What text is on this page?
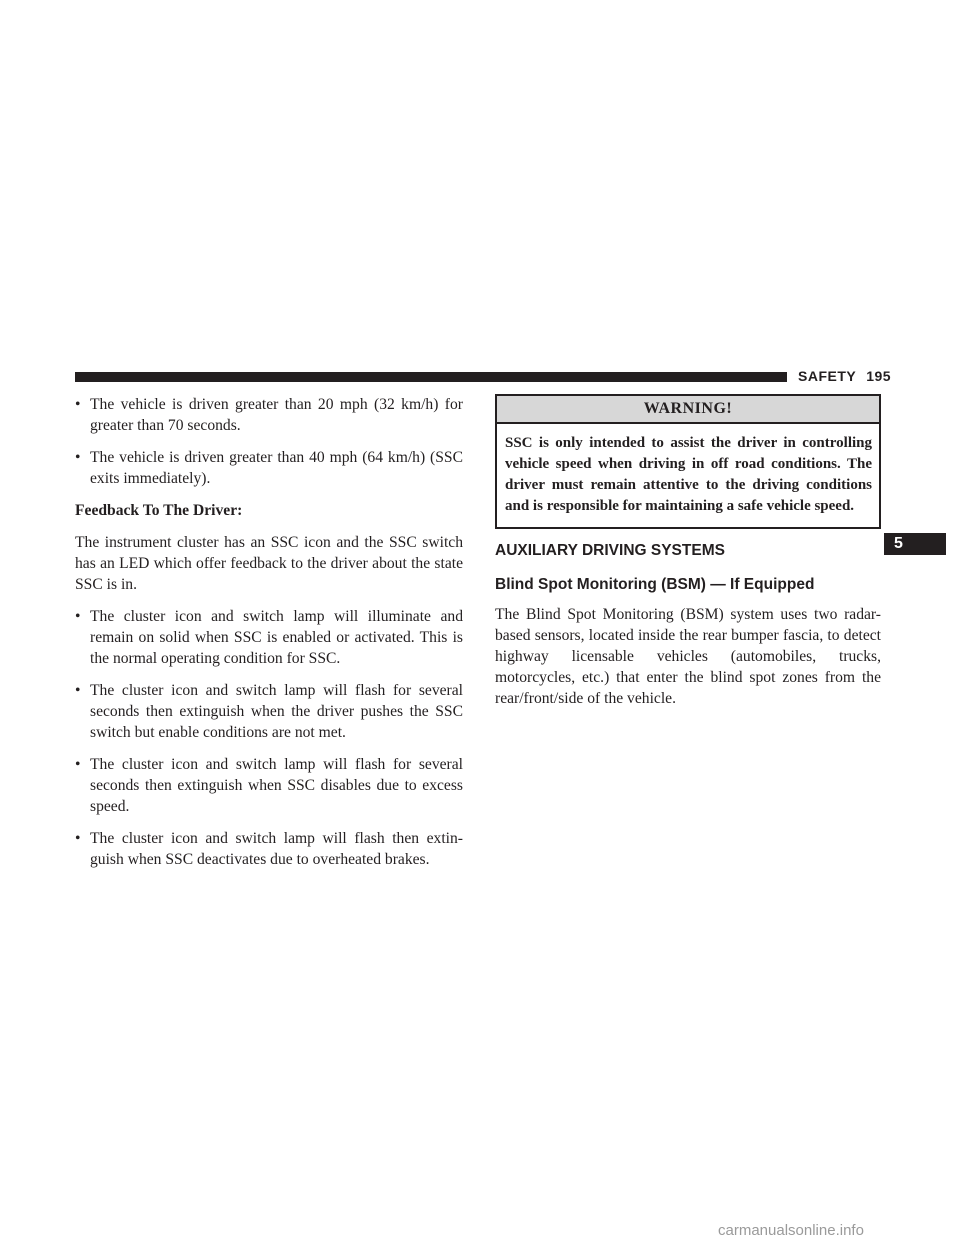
SAFETY 195
• The vehicle is driven greater than 20 mph (32 km/h) for greater than 70 seconds.
• The vehicle is driven greater than 40 mph (64 km/h) (SSC exits immediately).

Feedback To The Driver:

The instrument cluster has an SSC icon and the SSC switch has an LED which offer feedback to the driver about the state SSC is in.

• The cluster icon and switch lamp will illuminate and remain on solid when SSC is enabled or activated. This is the normal operating condition for SSC.
• The cluster icon and switch lamp will flash for several seconds then extinguish when the driver pushes the SSC switch but enable conditions are not met.
• The cluster icon and switch lamp will flash for several seconds then extinguish when SSC disables due to excess speed.
• The cluster icon and switch lamp will flash then extin- guish when SSC deactivates due to overheated brakes.
WARNING!
SSC is only intended to assist the driver in controlling vehicle speed when driving in off road conditions. The driver must remain attentive to the driving conditions and is responsible for maintaining a safe vehicle speed.
AUXILIARY DRIVING SYSTEMS
Blind Spot Monitoring (BSM) — If Equipped

The Blind Spot Monitoring (BSM) system uses two radar- based sensors, located inside the rear bumper fascia, to detect highway licensable vehicles (automobiles, trucks, motorcycles, etc.) that enter the blind spot zones from the rear/front/side of the vehicle.

5
carmanualsonline.info
